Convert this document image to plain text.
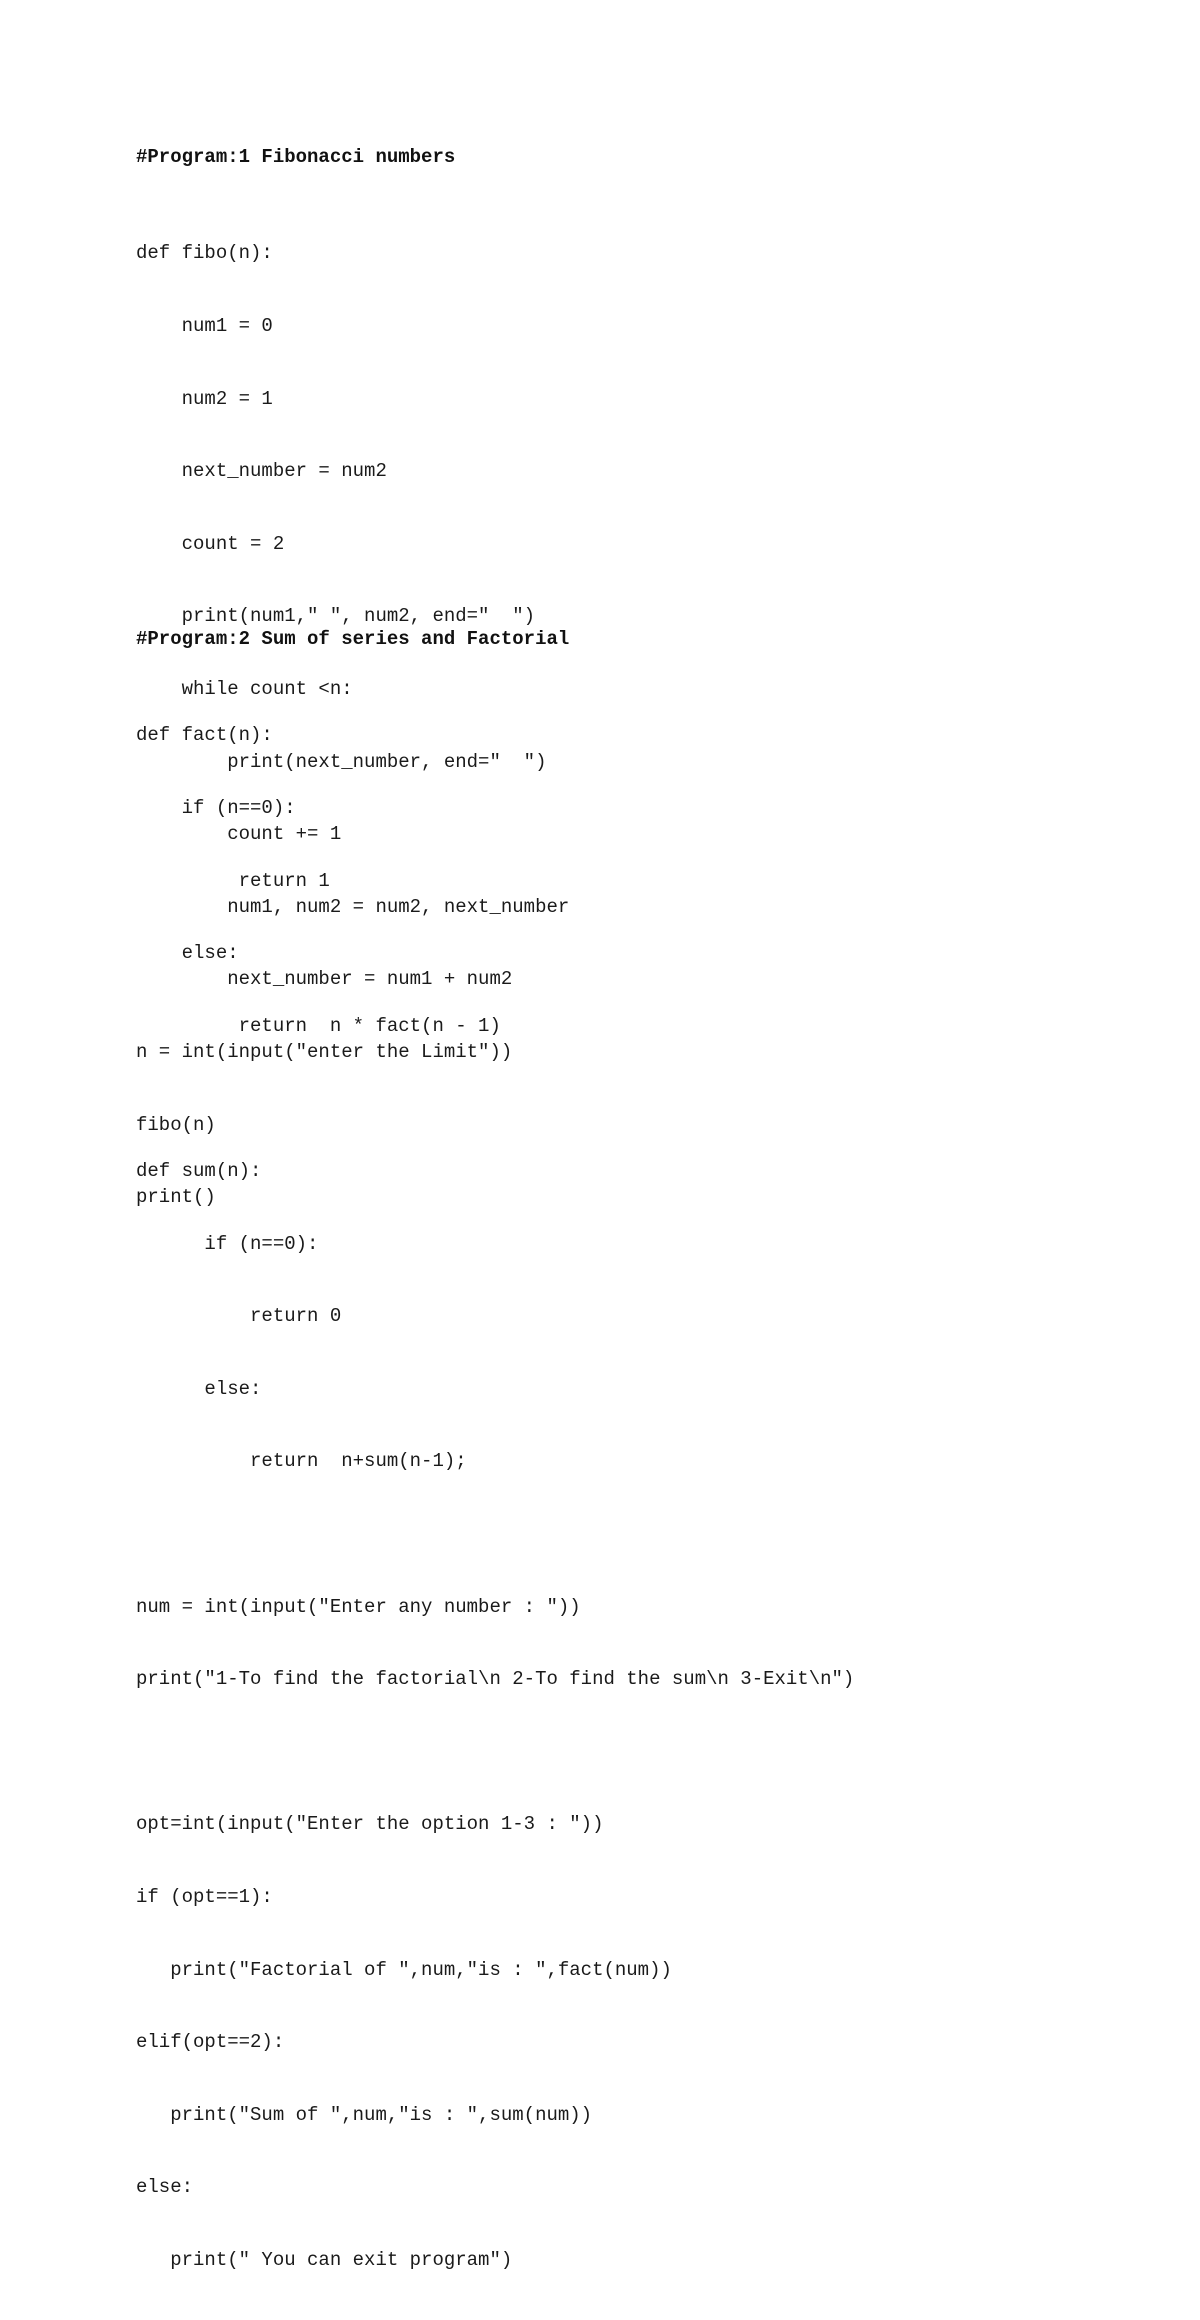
#Program:1 Fibonacci numbers

def fibo(n):

num1 = 0

num2 = 1

next_number = num2

count = 2

print(num1," ", num2, end="  ")

while count <n:

print(next_number, end="  ")

count += 1

num1, num2 = num2, next_number

next_number = num1 + num2

n = int(input("enter the Limit"))

fibo(n)

print()

#Program:2 Sum of series and Factorial

def fact(n):

if (n==0):

return 1

else:

return  n * fact(n - 1)

def sum(n):

if (n==0):

return 0

else:

return  n+sum(n-1);

num = int(input("Enter any number : "))

print("1-To find the factorial\n 2-To find the sum\n 3-Exit\n")

opt=int(input("Enter the option 1-3 : "))

if (opt==1):

print("Factorial of ",num,"is : ",fact(num))

elif(opt==2):

print("Sum of ",num,"is : ",sum(num))

else:

print(" You can exit program")
